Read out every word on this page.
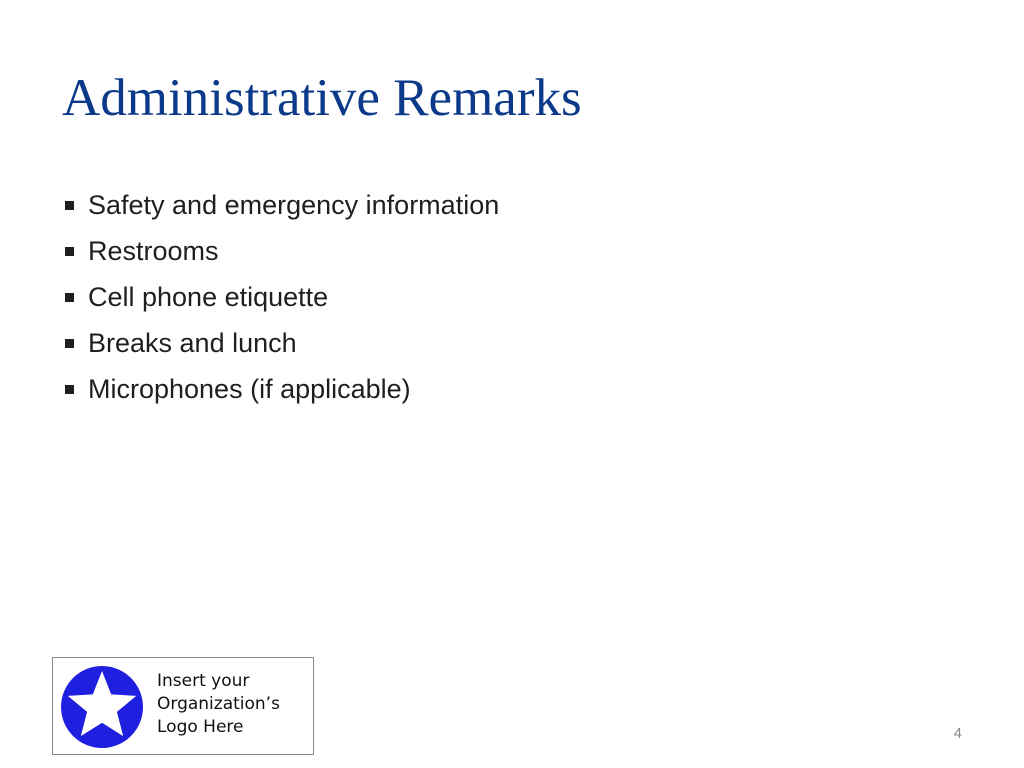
Administrative Remarks
Safety and emergency information
Restrooms
Cell phone etiquette
Breaks and lunch
Microphones (if applicable)
Insert your
Organization’s
Logo Here	4
